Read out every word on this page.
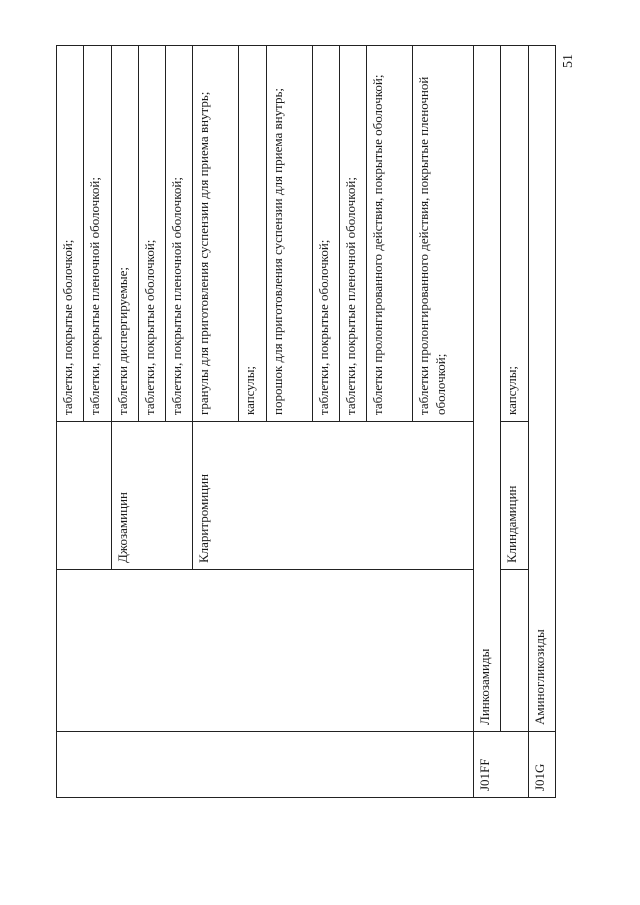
			таблетки, покрытые оболочкой;
			таблетки, покрытые пленочной оболочкой;
		Джозамицин	таблетки диспергируемые;
			таблетки, покрытые оболочкой;
			таблетки, покрытые пленочной оболочкой;
		Кларитромицин	гранулы для приготовления суспензии для приема внутрь;
			капсулы;
			порошок для приготовления суспензии для приема внутрь;
			таблетки, покрытые оболочкой;
			таблетки, покрытые пленочной оболочкой;
			таблетки пролонгированного действия, покрытые оболочкой;
			таблетки пролонгированного действия, покрытые пленочной оболочкой;
J01FF	Линкозамиды		
		Клиндамицин	капсулы;
J01G	Аминогликозиды		
51
